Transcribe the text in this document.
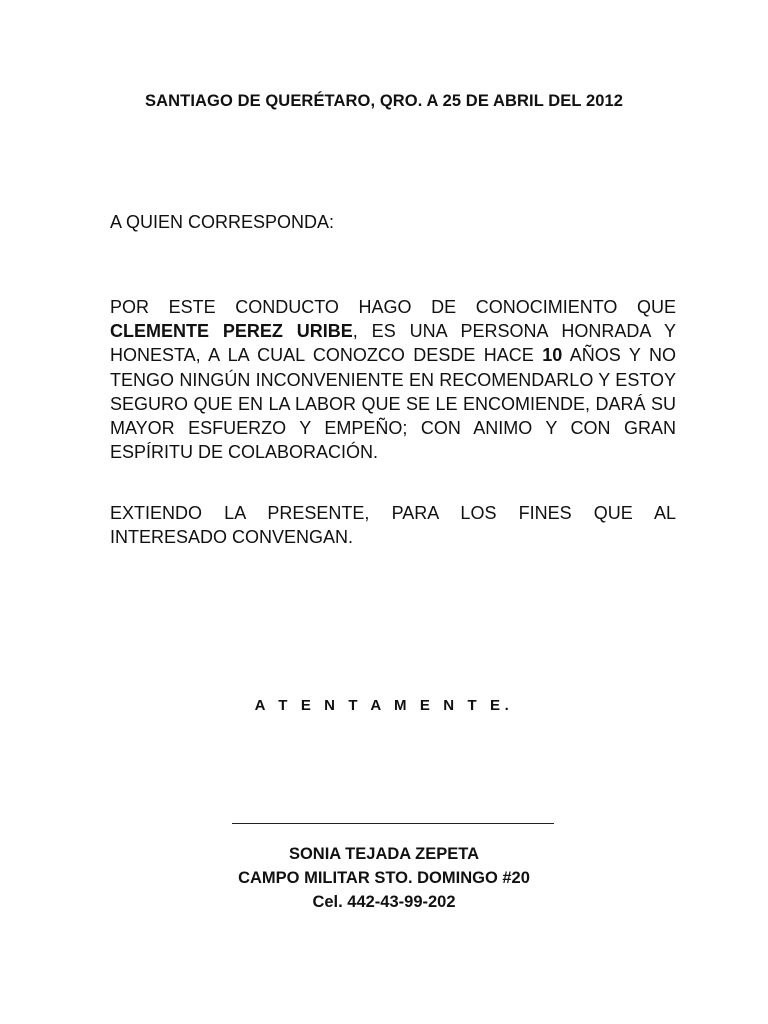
SANTIAGO DE QUERÉTARO, QRO. A 25 DE ABRIL DEL 2012
A QUIEN CORRESPONDA:
POR ESTE CONDUCTO HAGO DE CONOCIMIENTO QUE CLEMENTE PEREZ URIBE, ES UNA PERSONA HONRADA Y HONESTA, A LA CUAL CONOZCO DESDE HACE 10 AÑOS Y NO TENGO NINGÚN INCONVENIENTE EN RECOMENDARLO Y ESTOY SEGURO QUE EN LA LABOR QUE SE LE ENCOMIENDE, DARÁ SU MAYOR ESFUERZO Y EMPEÑO; CON ANIMO Y CON GRAN ESPÍRITU DE COLABORACIÓN.
EXTIENDO LA PRESENTE, PARA LOS FINES QUE AL INTERESADO CONVENGAN.
A T E N T A M E N T E.
SONIA TEJADA ZEPETA
CAMPO MILITAR STO. DOMINGO #20
Cel. 442-43-99-202
